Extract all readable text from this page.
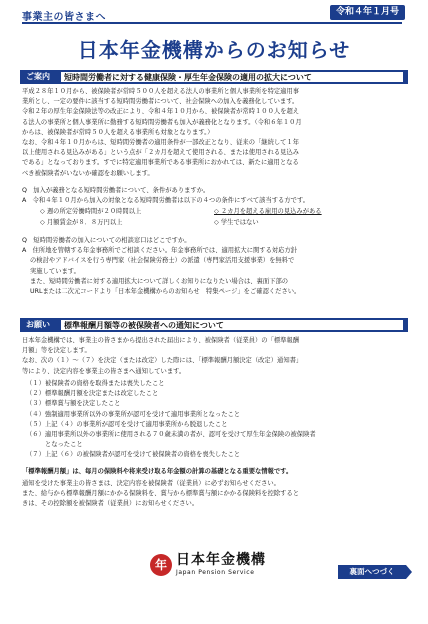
事業主の皆さまへ	令和４年１月号
日本年金機構からのお知らせ
ご案内	短時間労働者に対する健康保険・厚生年金保険の適用の拡大について
平成２８年１０月から、被保険者が常時５００人を超える法人の事業所と個人事業所を特定適用事
業所とし、一定の要件に該当する短時間労働者について、社会保険への加入を義務化しています。
令和２年の厚生年金保険法等の改正により、令和４年１０月から、被保険者が常時１００人を超え
る法人の事業所と個人事業所に勤務する短時間労働者も加入が義務化となります。（令和６年１０月
からは、被保険者が常時５０人を超える事業所も対象となります。）
なお、令和４年１０月からは、短時間労働者の適用条件が一部改正となり、従来の「継続して１年
以上使用される見込みがある」という点が「２カ月を超えて使用される、または使用される見込み
である」となっております。すでに特定適用事業所である事業所におかれては、新たに適用となる
べき被保険者がいないか確認をお願いします。
Q　加入が義務となる短時間労働者について、条件がありますか。
A　令和４年１０月から加入の対象となる短時間労働者は以下の４つの条件にすべて該当する方です。
◇ 週の所定労働時間が２０時間以上	◇ ２カ月を超える雇用の見込みがある
◇ 月額賃金が８．８万円以上	◇ 学生ではない
Q　短時間労働者の加入についての相談窓口はどこですか。
A　住所地を管轄する年金事務所でご相談ください。年金事務所では、適用拡大に関する対応方針
の検討やアドバイスを行う専門家（社会保険労務士）の派遣（専門家活用支援事業）を無料で
実施しています。
また、短時間労働者に対する適用拡大について詳しくお知りになりたい場合は、裏面下部の
URLまたは二次元コードより「日本年金機構からのお知らせ　特集ページ」をご確認ください。
お願い	標準報酬月額等の被保険者への通知について
日本年金機構では、事業主の皆さまから提出された届出により、被保険者（従業員）の「標準報酬
月額」等を決定します。
なお、次の（１）～（７）を決定（または改定）した際には、「標準報酬月額決定（改定）通知書」
等により、決定内容を事業主の皆さまへ通知しています。
（１）被保険者の資格を取得または喪失したこと
（２）標準報酬月額を決定または改定したこと
（３）標準賞与額を決定したこと
（４）強制適用事業所以外の事業所が認可を受けて適用事業所となったこと
（５）上記（４）の事業所が認可を受けて適用事業所から脱退したこと
（６）適用事業所以外の事業所に使用される７０歳未満の者が、認可を受けて厚生年金保険の被保険者
　　　となったこと
（７）上記（６）の被保険者が認可を受けて被保険者の資格を喪失したこと
「標準報酬月額」は、毎月の保険料や将来受け取る年金額の計算の基礎となる重要な情報です。
通知を受けた事業主の皆さまは、決定内容を被保険者（従業員）に必ずお知らせください。
また、給与から標準報酬月額にかかる保険料を、賞与から標準賞与額にかかる保険料を控除すると
きは、その控除額を被保険者（従業員）にお知らせください。
年 日本年金機構
Japan Pension Service	裏面へつづく
